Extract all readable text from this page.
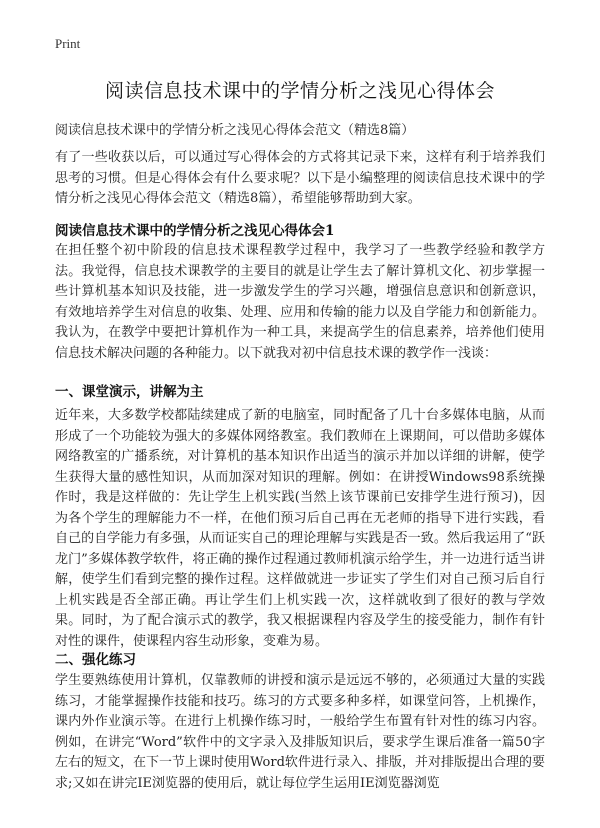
Print
阅读信息技术课中的学情分析之浅见心得体会
阅读信息技术课中的学情分析之浅见心得体会范文（精选8篇）

有了一些收获以后，可以通过写心得体会的方式将其记录下来，这样有利于培养我们思考的习惯。但是心得体会有什么要求呢？以下是小编整理的阅读信息技术课中的学情分析之浅见心得体会范文（精选8篇），希望能够帮助到大家。

阅读信息技术课中的学情分析之浅见心得体会1

在担任整个初中阶段的信息技术课程教学过程中，我学习了一些教学经验和教学方法。我觉得，信息技术课教学的主要目的就是让学生去了解计算机文化、初步掌握一些计算机基本知识及技能，进一步激发学生的学习兴趣，增强信息意识和创新意识，有效地培养学生对信息的收集、处理、应用和传输的能力以及自学能力和创新能力。我认为，在教学中要把计算机作为一种工具，来提高学生的信息素养，培养他们使用信息技术解决问题的各种能力。以下就我对初中信息技术课的教学作一浅谈：

一、课堂演示，讲解为主

近年来，大多数学校都陆续建成了新的电脑室，同时配备了几十台多媒体电脑，从而形成了一个功能较为强大的多媒体网络教室。我们教师在上课期间，可以借助多媒体网络教室的广播系统，对计算机的基本知识作出适当的演示并加以详细的讲解，使学生获得大量的感性知识，从而加深对知识的理解。例如：在讲授Windows98系统操作时，我是这样做的：先让学生上机实践(当然上该节课前已安排学生进行预习)，因为各个学生的理解能力不一样，在他们预习后自己再在无老师的指导下进行实践，看自己的自学能力有多强，从而证实自己的理论理解与实践是否一致。然后我运用了“跃龙门”多媒体教学软件，将正确的操作过程通过教师机演示给学生，并一边进行适当讲解，使学生们看到完整的操作过程。这样做就进一步证实了学生们对自己预习后自行上机实践是否全部正确。再让学生们上机实践一次，这样就收到了很好的教与学效果。同时，为了配合演示式的教学，我又根据课程内容及学生的接受能力，制作有针对性的课件，使课程内容生动形象，变难为易。

二、强化练习

学生要熟练使用计算机，仅靠教师的讲授和演示是远远不够的，必须通过大量的实践练习，才能掌握操作技能和技巧。练习的方式要多种多样，如课堂问答，上机操作，课内外作业演示等。在进行上机操作练习时，一般给学生布置有针对性的练习内容。例如，在讲完“Word”软件中的文字录入及排版知识后，要求学生课后准备一篇50字左右的短文，在下一节上课时使用Word软件进行录入、排版，并对排版提出合理的要求;又如在讲完IE浏览器的使用后，就让每位学生运用IE浏览器浏览
